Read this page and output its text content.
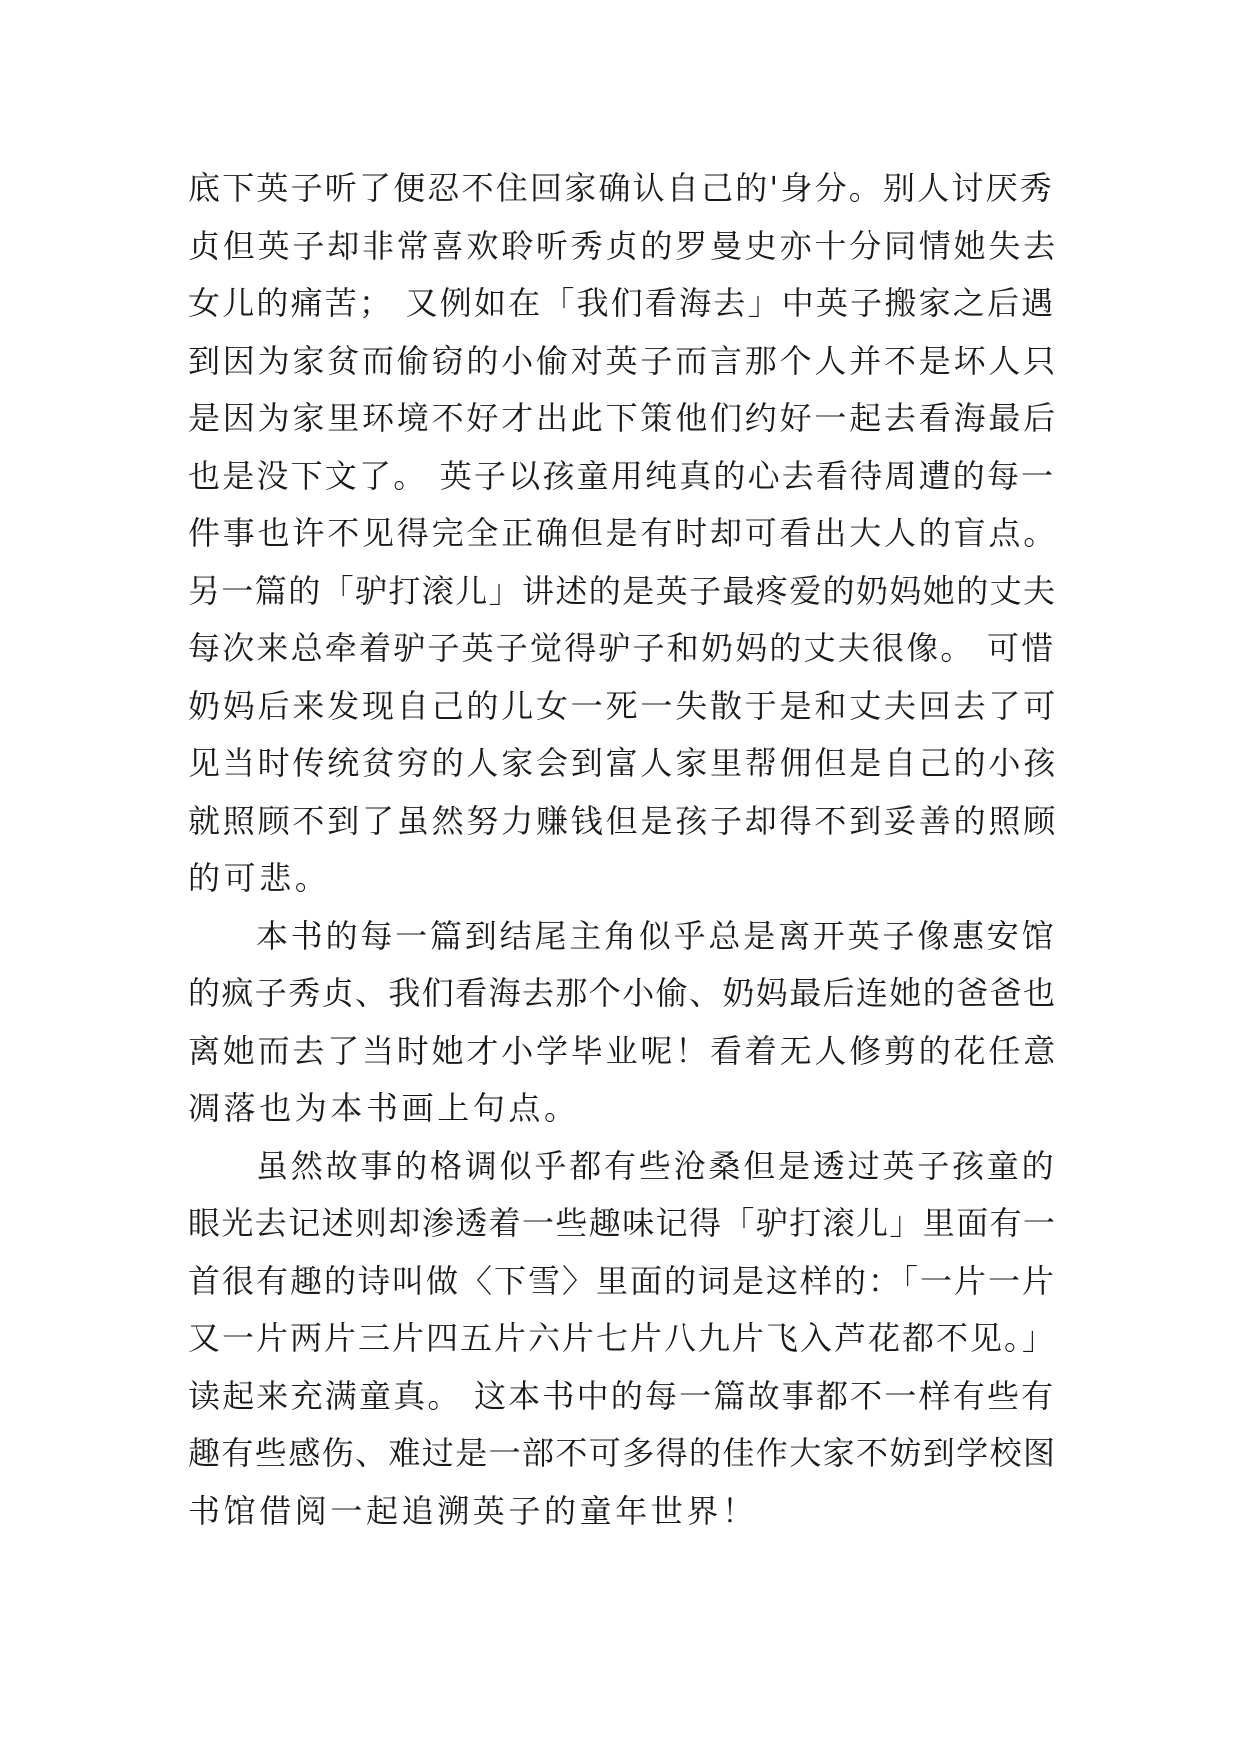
底下英子听了便忍不住回家确认自己的'身分。别人讨厌秀
贞但英子却非常喜欢聆听秀贞的罗曼史亦十分同情她失去
女儿的痛苦； 又例如在「我们看海去」中英子搬家之后遇
到因为家贫而偷窃的小偷对英子而言那个人并不是坏人只
是因为家里环境不好才出此下策他们约好一起去看海最后
也是没下文了。 英子以孩童用纯真的心去看待周遭的每一
件事也许不见得完全正确但是有时却可看出大人的盲点。
另一篇的「驴打滚儿」讲述的是英子最疼爱的奶妈她的丈夫
每次来总牵着驴子英子觉得驴子和奶妈的丈夫很像。 可惜
奶妈后来发现自己的儿女一死一失散于是和丈夫回去了可
见当时传统贫穷的人家会到富人家里帮佣但是自己的小孩
就照顾不到了虽然努力赚钱但是孩子却得不到妥善的照顾
的可悲。
本书的每一篇到结尾主角似乎总是离开英子像惠安馆
的疯子秀贞、我们看海去那个小偷、奶妈最后连她的爸爸也
离她而去了当时她才小学毕业呢！看着无人修剪的花任意
凋落也为本书画上句点。
虽然故事的格调似乎都有些沧桑但是透过英子孩童的
眼光去记述则却渗透着一些趣味记得「驴打滚儿」里面有一
首很有趣的诗叫做〈下雪〉里面的词是这样的：「一片一片
又一片两片三片四五片六片七片八九片飞入芦花都不见。」
读起来充满童真。 这本书中的每一篇故事都不一样有些有
趣有些感伤、难过是一部不可多得的佳作大家不妨到学校图
书馆借阅一起追溯英子的童年世界！
